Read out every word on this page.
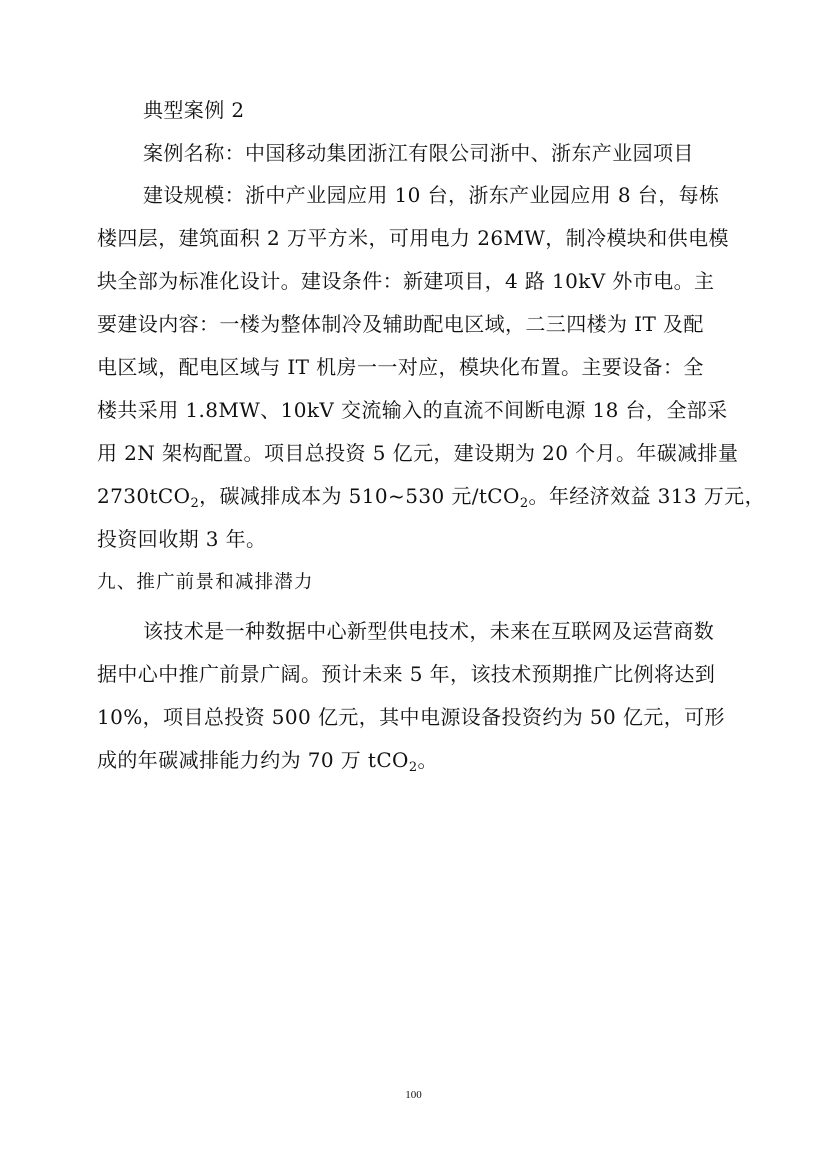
典型案例 2
案例名称：中国移动集团浙江有限公司浙中、浙东产业园项目
建设规模：浙中产业园应用 10 台，浙东产业园应用 8 台，每栋
楼四层，建筑面积 2 万平方米，可用电力 26MW，制冷模块和供电模
块全部为标准化设计。建设条件：新建项目，4 路 10kV 外市电。主
要建设内容：一楼为整体制冷及辅助配电区域，二三四楼为 IT 及配
电区域，配电区域与 IT 机房一一对应，模块化布置。主要设备：全
楼共采用 1.8MW、10kV 交流输入的直流不间断电源 18 台，全部采
用 2N 架构配置。项目总投资 5 亿元，建设期为 20 个月。年碳减排量
2730tCO$_2$，碳减排成本为 510~530 元/tCO$_2$。年经济效益 313 万元，
投资回收期 3 年。
九、推广前景和减排潜力
该技术是一种数据中心新型供电技术，未来在互联网及运营商数
据中心中推广前景广阔。预计未来 5 年，该技术预期推广比例将达到
10%，项目总投资 500 亿元，其中电源设备投资约为 50 亿元，可形
成的年碳减排能力约为 70 万 tCO$_2$。
100
